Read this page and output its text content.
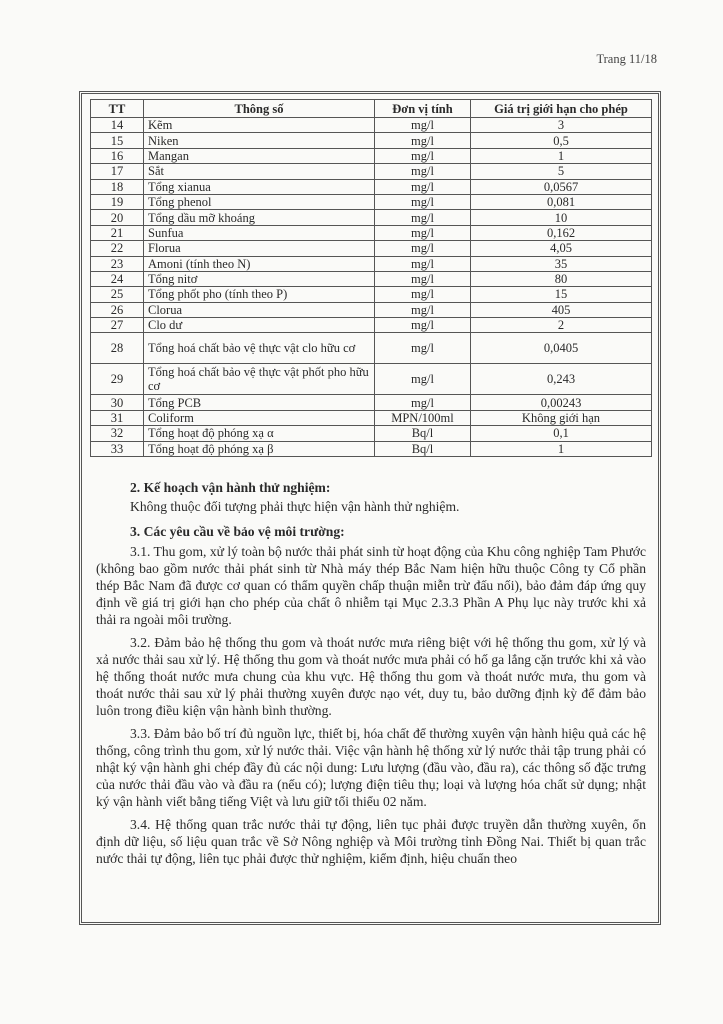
Trang 11/18
TT	Thông số	Đơn vị tính	Giá trị giới hạn cho phép
14	Kẽm	mg/l	3
15	Niken	mg/l	0,5
16	Mangan	mg/l	1
17	Sắt	mg/l	5
18	Tổng xianua	mg/l	0,0567
19	Tổng phenol	mg/l	0,081
20	Tổng dầu mỡ khoáng	mg/l	10
21	Sunfua	mg/l	0,162
22	Florua	mg/l	4,05
23	Amoni (tính theo N)	mg/l	35
24	Tổng nitơ	mg/l	80
25	Tổng phốt pho (tính theo P)	mg/l	15
26	Clorua	mg/l	405
27	Clo dư	mg/l	2
28	Tổng hoá chất bảo vệ thực vật clo hữu cơ	mg/l	0,0405
29	Tổng hoá chất bảo vệ thực vật phốt pho hữu cơ	mg/l	0,243
30	Tổng PCB	mg/l	0,00243
31	Coliform	MPN/100ml	Không giới hạn
32	Tổng hoạt độ phóng xạ α	Bq/l	0,1
33	Tổng hoạt độ phóng xạ β	Bq/l	1
2. Kế hoạch vận hành thử nghiệm:
Không thuộc đối tượng phải thực hiện vận hành thử nghiệm.
3. Các yêu cầu về bảo vệ môi trường:
3.1. Thu gom, xử lý toàn bộ nước thải phát sinh từ hoạt động của Khu công nghiệp Tam Phước (không bao gồm nước thải phát sinh từ Nhà máy thép Bắc Nam hiện hữu thuộc Công ty Cổ phần thép Bắc Nam đã được cơ quan có thẩm quyền chấp thuận miễn trừ đấu nối), bảo đảm đáp ứng quy định về giá trị giới hạn cho phép của chất ô nhiễm tại Mục 2.3.3 Phần A Phụ lục này trước khi xả thải ra ngoài môi trường.
3.2. Đảm bảo hệ thống thu gom và thoát nước mưa riêng biệt với hệ thống thu gom, xử lý và xả nước thải sau xử lý. Hệ thống thu gom và thoát nước mưa phải có hố ga lắng cặn trước khi xả vào hệ thống thoát nước mưa chung của khu vực. Hệ thống thu gom và thoát nước mưa, thu gom và thoát nước thải sau xử lý phải thường xuyên được nạo vét, duy tu, bảo dưỡng định kỳ để đảm bảo luôn trong điều kiện vận hành bình thường.
3.3. Đảm bảo bố trí đủ nguồn lực, thiết bị, hóa chất để thường xuyên vận hành hiệu quả các hệ thống, công trình thu gom, xử lý nước thải. Việc vận hành hệ thống xử lý nước thải tập trung phải có nhật ký vận hành ghi chép đầy đủ các nội dung: Lưu lượng (đầu vào, đầu ra), các thông số đặc trưng của nước thải đầu vào và đầu ra (nếu có); lượng điện tiêu thụ; loại và lượng hóa chất sử dụng; nhật ký vận hành viết bằng tiếng Việt và lưu giữ tối thiểu 02 năm.
3.4. Hệ thống quan trắc nước thải tự động, liên tục phải được truyền dẫn thường xuyên, ổn định dữ liệu, số liệu quan trắc về Sở Nông nghiệp và Môi trường tỉnh Đồng Nai. Thiết bị quan trắc nước thải tự động, liên tục phải được thử nghiệm, kiểm định, hiệu chuẩn theo
